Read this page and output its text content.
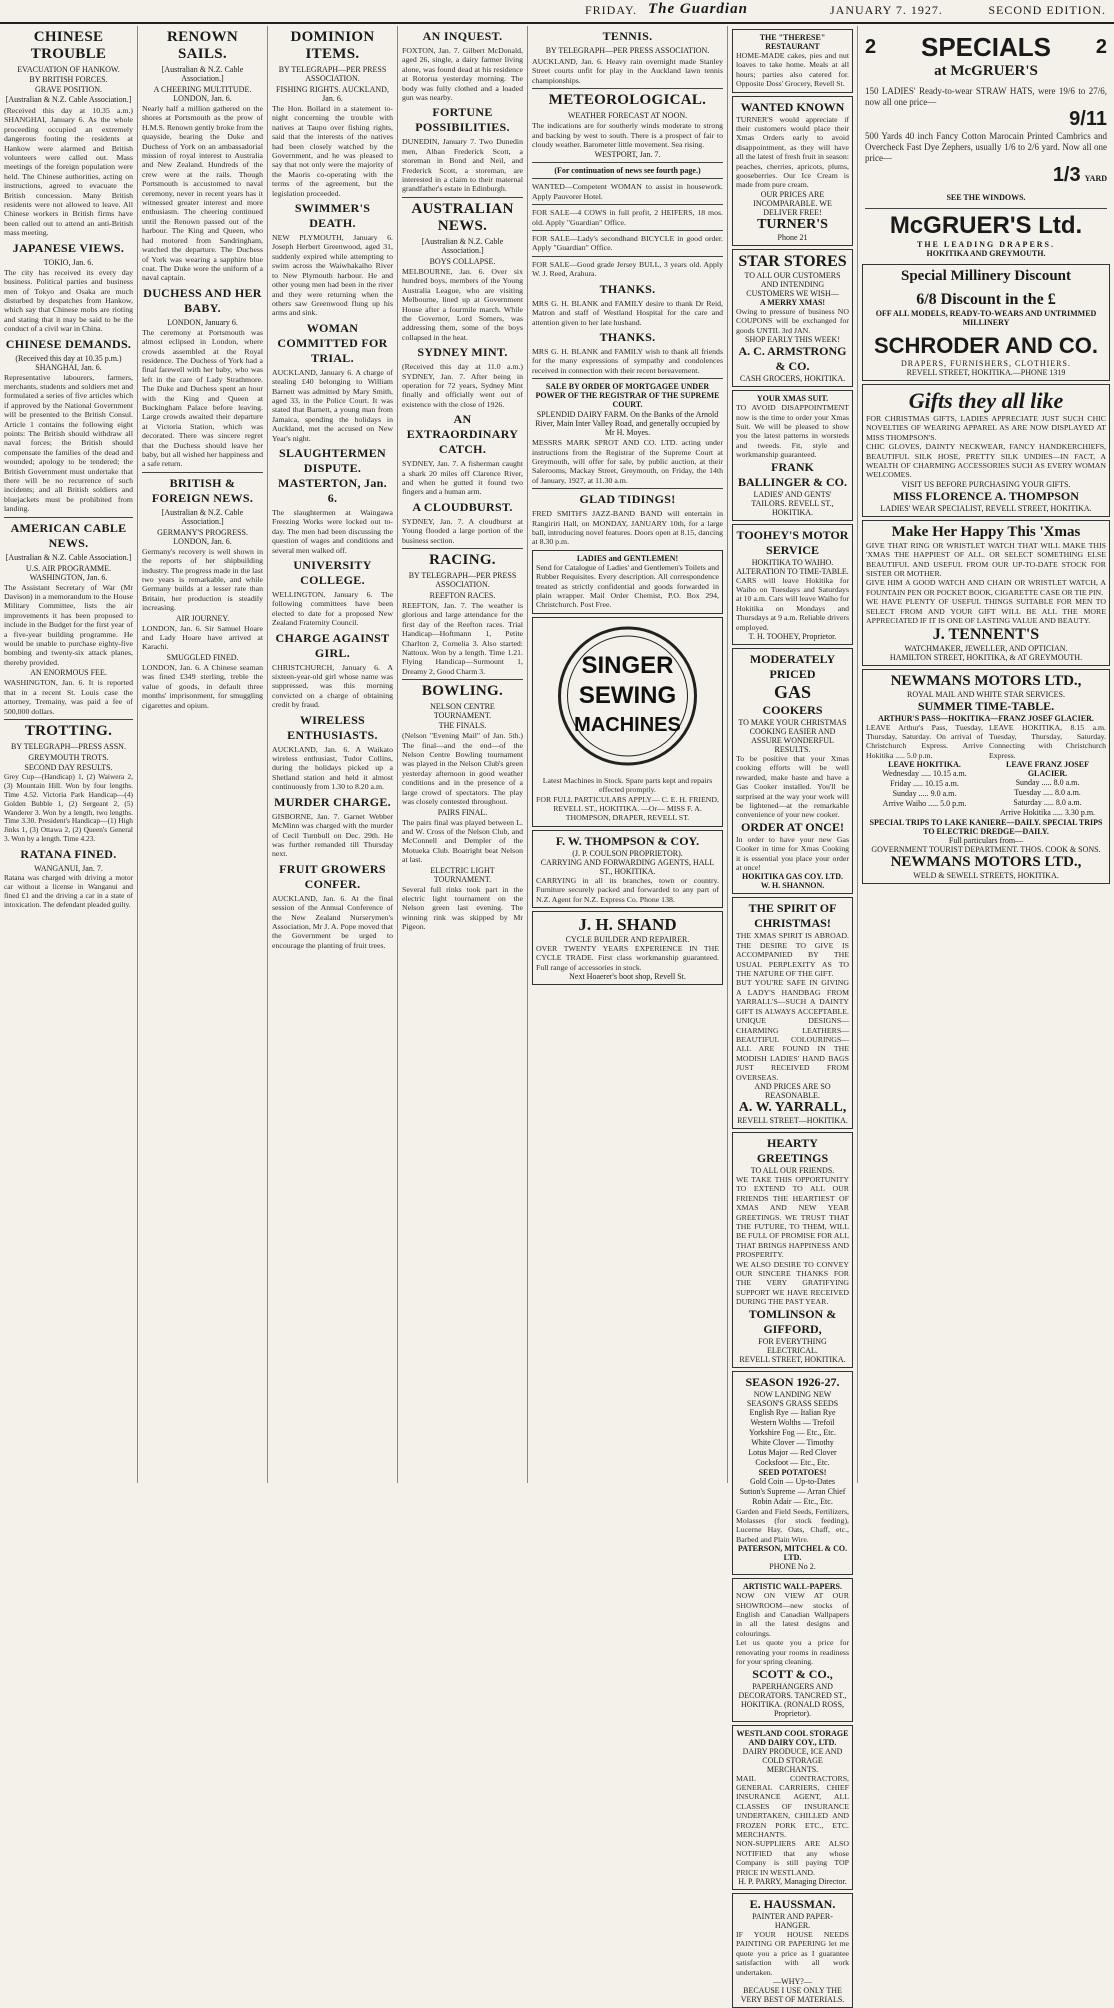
FRIDAY. The Guardian	JANUARY 7. 1927.	SECOND EDITION.
CHINESE TROUBLE
EVACUATION OF HANKOW.
BY BRITISH FORCES.
GRAVE POSITION.
[Australian & N.Z. Cable Association.]

(Received this day at 10.35 a.m.) SHANGHAI, January 6. As the whole proceeding occupied an extremely dangerous footing the residents at Hankow were alarmed and British volunteers were called out. Mass meetings of the foreign population were held. The Chinese authorities, acting on instructions, agreed to evacuate the British concession. Many British residents were not allowed to leave. All Chinese workers in British firms have been called out to attend an anti-British mass meeting.

JAPANESE VIEWS.
TOKIO, Jan. 6.

The city has received its every day business. Political parties and business men of Tokyo and Osaka are much disturbed by despatches from Hankow, which say that Chinese mobs are rioting and stating that it may be said to be the conduct of a civil war in China.

CHINESE DEMANDS.
(Received this day at 10.35 p.m.) SHANGHAI, Jan. 6.

Representative labourers, farmers, merchants, students and soldiers met and formulated a series of five articles which if approved by the National Government will be presented to the British Consul. Article 1 contains the following eight points: The British should withdraw all naval forces; the British should compensate the families of the dead and wounded; apology to be tendered; the British Government must undertake that there will be no recurrence of such incidents; and all British soldiers and bluejackets must be prohibited from landing.

AMERICAN CABLE NEWS.
[Australian & N.Z. Cable Association.]
U.S. AIR PROGRAMME. WASHINGTON, Jan. 6.

The Assistant Secretary of War (Mr Davison) in a memorandum to the House Military Committee, lists the air improvements it has been proposed to include in the Budget for the first year of a five-year building programme. He would be unable to purchase eighty-five bombing and twenty-six attack planes, thereby provided.

AN ENORMOUS FEE.

WASHINGTON, Jan. 6. It is reported that in a recent St. Louis case the attorney, Tremainy, was paid a fee of 500,000 dollars.

TROTTING.
BY TELEGRAPH—PRESS ASSN.
GREYMOUTH TROTS.
SECOND DAY RESULTS.

Grey Cup—(Handicap) 1, (2) Waiwera 2, (3) Mountain Hill. Won by four lengths. Time 4.52. Victoria Park Handicap—(4) Golden Bubble 1, (2) Sergeant 2, (5) Wanderer 3. Won by a length, two lengths. Time 3.30. President's Handicap—(1) High Jinks 1, (3) Ottawa 2, (2) Queen's General 3. Won by a length. Time 4.23.

RATANA FINED.
WANGANUI, Jan. 7.

Ratana was charged with driving a motor car without a license in Wanganui and fined £1 and the driving a car in a state of intoxication. The defendant pleaded guilty.

RENOWN SAILS.
[Australian & N.Z. Cable Association.]
A CHEERING MULTITUDE. LONDON, Jan. 6.

Nearly half a million gathered on the shores at Portsmouth as the prow of H.M.S. Renown gently broke from the quayside, bearing the Duke and Duchess of York on an ambassadorial mission of royal interest to Australia and New Zealand. Hundreds of the crew were at the rails. Though Portsmouth is accustomed to naval ceremony, never in recent years has it witnessed greater interest and more enthusiasm. The cheering continued until the Renown passed out of the harbour. The King and Queen, who had motored from Sandringham, watched the departure. The Duchess of York was wearing a sapphire blue coat. The Duke wore the uniform of a naval captain.

DUCHESS AND HER BABY.
LONDON, January 6.

The ceremony at Portsmouth was almost eclipsed in London, where crowds assembled at the Royal residence. The Duchess of York had a final farewell with her baby, who was left in the care of Lady Strathmore. The Duke and Duchess spent an hour with the King and Queen at Buckingham Palace before leaving. Large crowds awaited their departure at Victoria Station, which was decorated. There was sincere regret that the Duchess should leave her baby, but all wished her happiness and a safe return.

BRITISH & FOREIGN NEWS.
[Australian & N.Z. Cable Association.]
GERMANY'S PROGRESS. LONDON, Jan. 6.

Germany's recovery is well shown in the reports of her shipbuilding industry. The progress made in the last two years is remarkable, and while Germany builds at a lesser rate than Britain, her production is steadily increasing.

AIR JOURNEY.

LONDON, Jan. 6. Sir Samuel Hoare and Lady Hoare have arrived at Karachi.

SMUGGLED FINED.

LONDON, Jan. 6. A Chinese seaman was fined £349 sterling, treble the value of goods, in default three months' imprisonment, for smuggling cigarettes and opium.

DOMINION ITEMS.
BY TELEGRAPH—PER PRESS ASSOCIATION.
FISHING RIGHTS. AUCKLAND, Jan. 6.

The Hon. Bollard in a statement to-night concerning the trouble with natives at Taupo over fishing rights, said that the interests of the natives had been closely watched by the Government, and he was pleased to say that not only were the majority of the Maoris co-operating with the terms of the agreement, but the legislation proceeded.

SWIMMER'S DEATH.

NEW PLYMOUTH, January 6. Joseph Herbert Greenwood, aged 31, suddenly expired while attempting to swim across the Waiwhakaiho River to New Plymouth harbour. He and other young men had been in the river and they were returning when the others saw Greenwood flung up his arms and sink.

WOMAN COMMITTED FOR TRIAL.

AUCKLAND, January 6. A charge of stealing £40 belonging to William Barnett was admitted by Mary Smith, aged 33, in the Police Court. It was stated that Barnett, a young man from Jamaica, spending the holidays in Auckland, met the accused on New Year's night.

SLAUGHTERMEN DISPUTE. MASTERTON, Jan. 6.

The slaughtermen at Waingawa Freezing Works were locked out to-day. The men had been discussing the question of wages and conditions and several men walked off.

UNIVERSITY COLLEGE.

WELLINGTON, January 6. The following committees have been elected to date for a proposed New Zealand Fraternity Council.

CHARGE AGAINST GIRL.

CHRISTCHURCH, January 6. A sixteen-year-old girl whose name was suppressed, was this morning convicted on a charge of obtaining credit by fraud.

WIRELESS ENTHUSIASTS.

AUCKLAND, Jan. 6. A Waikato wireless enthusiast, Tudor Collins, during the holidays picked up a Shetland station and held it almost continuously from 1.30 to 8.20 a.m.

MURDER CHARGE.

GISBORNE, Jan. 7. Garnet Webber McMinn was charged with the murder of Cecil Turnbull on Dec. 29th. He was further remanded till Thursday next.

FRUIT GROWERS CONFER.

AUCKLAND, Jan. 6. At the final session of the Annual Conference of the New Zealand Nurserymen's Association, Mr J. A. Pope moved that the Government be urged to encourage the planting of fruit trees.

AN INQUEST.

FOXTON, Jan. 7. Gilbert McDonald, aged 26, single, a dairy farmer living alone, was found dead at his residence at Rotorua yesterday morning. The body was fully clothed and a loaded gun was nearby.

FORTUNE POSSIBILITIES.

DUNEDIN, January 7. Two Dunedin men, Alban Frederick Scott, a storeman in Bond and Neil, and Frederick Scott, a storeman, are interested in a claim to their maternal grandfather's estate in Edinburgh.

AUSTRALIAN NEWS.
[Australian & N.Z. Cable Association.]
BOYS COLLAPSE.

MELBOURNE, Jan. 6. Over six hundred boys, members of the Young Australia League, who are visiting Melbourne, lined up at Government House after a fourmile march. While the Governor, Lord Somers, was addressing them, some of the boys collapsed in the heat.

SYDNEY MINT.

(Received this day at 11.0 a.m.) SYDNEY, Jan. 7. After being in operation for 72 years, Sydney Mint finally and officially went out of existence with the close of 1926.

AN EXTRAORDINARY CATCH.

SYDNEY, Jan. 7. A fisherman caught a shark 20 miles off Clarence River, and when he gutted it found two fingers and a human arm.

A CLOUDBURST.

SYDNEY, Jan. 7. A cloudburst at Young flooded a large portion of the business section.

RACING.
BY TELEGRAPH—PER PRESS ASSOCIATION.
REEFTON RACES.

REEFTON, Jan. 7. The weather is glorious and large attendance for the first day of the Reefton races. Trial Handicap—Hoftmann 1, Petite Charlton 2, Cornelia 3. Also started: Nattoux. Won by a length. Time 1.21. Flying Handicap—Surmount 1, Dreamy 2, Good Charm 3.

BOWLING.
NELSON CENTRE TOURNAMENT.
THE FINALS.

(Nelson "Evening Mail" of Jan. 5th.) The final—and the end—of the Nelson Centre Bowling tournament was played in the Nelson Club's green yesterday afternoon in good weather conditions and in the presence of a large crowd of spectators. The play was closely contested throughout.

PAIRS FINAL.

The pairs final was played between L. and W. Cross of the Nelson Club, and McConnell and Dempler of the Motueka Club. Boatright beat Nelson at last.

ELECTRIC LIGHT TOURNAMENT.

Several full rinks took part in the electric light tournament on the Nelson green last evening. The winning rink was skipped by Mr Pigeon.

TENNIS.
BY TELEGRAPH—PER PRESS ASSOCIATION.

AUCKLAND, Jan. 6. Heavy rain overnight made Stanley Street courts unfit for play in the Auckland lawn tennis championships.

METEOROLOGICAL.
WEATHER FORECAST AT NOON.

The indications are for southerly winds moderate to strong and backing by west to south. There is a prospect of fair to cloudy weather. Barometer little movement. Sea rising.

WESTPORT, Jan. 7.
(For continuation of news see fourth page.)

WANTED—Competent WOMAN to assist in housework. Apply Pauvorer Hotel.

FOR SALE—4 COWS in full profit, 2 HEIFERS, 18 mos. old. Apply "Guardian" Office.

FOR SALE—Lady's secondhand BICYCLE in good order. Apply "Guardian" Office.

FOR SALE—Good grade Jersey BULL, 3 years old. Apply W. J. Reed, Arahura.

THANKS.

MRS G. H. BLANK and FAMILY desire to thank Dr Reid, Matron and staff of Westland Hospital for the care and attention given to her late husband.

THANKS.

MRS G. H. BLANK and FAMILY wish to thank all friends for the many expressions of sympathy and condolences received in connection with their recent bereavement.

SALE BY ORDER OF MORTGAGEE UNDER POWER OF THE REGISTRAR OF THE SUPREME COURT.
SPLENDID DAIRY FARM. On the Banks of the Arnold River, Main Inter Valley Road, and generally occupied by Mr H. Moyes.

MESSRS MARK SPROT AND CO. LTD. acting under instructions from the Registrar of the Supreme Court at Greymouth, will offer for sale, by public auction, at their Salerooms, Mackay Street, Greymouth, on Friday, the 14th of January, 1927, at 11.30 a.m.

GLAD TIDINGS!

FRED SMITH'S JAZZ-BAND BAND will entertain in Rangiriri Hall, on MONDAY, JANUARY 10th, for a large ball, introducing novel features. Doors open at 8.15, dancing at 8.30 p.m.

LADIES and GENTLEMEN!

Send for Catalogue of Ladies' and Gentlemen's Toilets and Rubber Requisites. Every description. All correspondence treated as strictly confidential and goods forwarded in plain wrapper. Mail Order Chemist, P.O. Box 294, Christchurch. Post Free.

SINGER
SEWING
MACHINES

Latest Machines in Stock. Spare parts kept and repairs effected promptly.

FOR FULL PARTICULARS APPLY— C. E. H. FRIEND, REVELL ST., HOKITIKA. —Or— MISS F. A. THOMPSON, DRAPER, REVELL ST.

F. W. THOMPSON & COY.
(J. P. COULSON PROPRIETOR).
CARRYING AND FORWARDING AGENTS, HALL ST., HOKITIKA.

CARRYING in all its branches, town or country. Furniture securely packed and forwarded to any part of N.Z. Agent for N.Z. Express Co. Phone 138.

J. H. SHAND
CYCLE BUILDER AND REPAIRER.

OVER TWENTY YEARS EXPERIENCE IN THE CYCLE TRADE. First class workmanship guaranteed. Full range of accessories in stock.

Next Hoaerer's boot shop, Revell St.
THE "THERESE" RESTAURANT

HOME-MADE cakes, pies and nut loaves to take home. Meals at all hours; parties also catered for. Opposite Doss' Grocery, Revell St.

WANTED KNOWN

TURNER'S would appreciate if their customers would place their Xmas Orders early to avoid disappointment, as they will have all the latest of fresh fruit in season: peaches, cherries, apricots, plums, gooseberries. Our Ice Cream is made from pure cream.

OUR PRICES ARE INCOMPARABLE. WE DELIVER FREE!
TURNER'S
Phone 21
STAR STORES
TO ALL OUR CUSTOMERS AND INTENDING CUSTOMERS WE WISH—
A MERRY XMAS!

Owing to pressure of business NO COUPONS will be exchanged for goods UNTIL 3rd JAN.

SHOP EARLY THIS WEEK!
A. C. ARMSTRONG & CO.
CASH GROCERS, HOKITIKA.
YOUR XMAS SUIT.

TO AVOID DISAPPOINTMENT now is the time to order your Xmas Suit. We will be pleased to show you the latest patterns in worsteds and tweeds. Fit, style and workmanship guaranteed.

FRANK BALLINGER & CO.
LADIES' AND GENTS' TAILORS. REVELL ST., HOKITIKA.
TOOHEY'S MOTOR SERVICE
HOKITIKA TO WAIHO.
ALTERATION TO TIME-TABLE.

CARS will leave Hokitika for Waiho on Tuesdays and Saturdays at 10 a.m. Cars will leave Waiho for Hokitika on Mondays and Thursdays at 9 a.m. Reliable drivers employed.

T. H. TOOHEY, Proprietor.
MODERATELY PRICED
GAS
COOKERS
TO MAKE YOUR CHRISTMAS COOKING EASIER AND ASSURE WONDERFUL RESULTS.

To be positive that your Xmas cooking efforts will be well rewarded, make haste and have a Gas Cooker installed. You'll be surprised at the way your work will be lightened—at the remarkable convenience of your new cooker.

ORDER AT ONCE!

In order to have your new Gas Cooker in time for Xmas Cooking it is essential you place your order at once!

HOKITIKA GAS COY. LTD.
W. H. SHANNON.
THE SPIRIT OF
CHRISTMAS!

THE XMAS SPIRIT IS ABROAD. THE DESIRE TO GIVE IS ACCOMPANIED BY THE USUAL PERPLEXITY AS TO THE NATURE OF THE GIFT.

BUT YOU'RE SAFE IN GIVING A LADY'S HANDBAG FROM YARRALL'S—SUCH A DAINTY GIFT IS ALWAYS ACCEPTABLE. UNIQUE DESIGNS—CHARMING LEATHERS—BEAUTIFUL COLOURINGS—ALL ARE FOUND IN THE MODISH LADIES' HAND BAGS JUST RECEIVED FROM OVERSEAS.

AND PRICES ARE SO REASONABLE.
A. W. YARRALL,
REVELL STREET—HOKITIKA.
HEARTY GREETINGS
TO ALL OUR FRIENDS.

WE TAKE THIS OPPORTUNITY TO EXTEND TO ALL OUR FRIENDS THE HEARTIEST OF XMAS AND NEW YEAR GREETINGS. WE TRUST THAT THE FUTURE, TO THEM, WILL BE FULL OF PROMISE FOR ALL THAT BRINGS HAPPINESS AND PROSPERITY.

WE ALSO DESIRE TO CONVEY OUR SINCERE THANKS FOR THE VERY GRATIFYING SUPPORT WE HAVE RECEIVED DURING THE PAST YEAR.

TOMLINSON & GIFFORD,
FOR EVERYTHING ELECTRICAL.
REVELL STREET, HOKITIKA.
SEASON 1926-27.
NOW LANDING NEW SEASON'S GRASS SEEDS
English Rye — Italian Rye
Western Wolths — Trefoil
Yorkshire Fog — Etc., Etc.
White Clover — Timothy
Lotus Major — Red Clover
Cocksfoot — Etc., Etc.
SEED POTATOES!
Gold Coin — Up-to-Dates
Sutton's Supreme — Arran Chief
Robin Adair — Etc., Etc.

Garden and Field Seeds, Fertilizers, Molasses (for stock feeding), Lucerne Hay, Oats, Chaff, etc., Barbed and Plain Wire.

PATERSON, MITCHEL & CO. LTD.
PHONE No 2.
ARTISTIC WALL-PAPERS.

NOW ON VIEW AT OUR SHOWROOM—new stocks of English and Canadian Wallpapers in all the latest designs and colourings.

Let us quote you a price for renovating your rooms in readiness for your spring cleaning.

SCOTT & CO.,
PAPERHANGERS AND DECORATORS. TANCRED ST., HOKITIKA. (RONALD ROSS, Proprietor).
WESTLAND COOL STORAGE AND DAIRY COY., LTD.
DAIRY PRODUCE, ICE AND COLD STORAGE MERCHANTS.

MAIL CONTRACTORS, GENERAL CARRIERS, CHIEF INSURANCE AGENT, ALL CLASSES OF INSURANCE UNDERTAKEN, CHILLED AND FROZEN PORK ETC., ETC. MERCHANTS.

NON-SUPPLIERS ARE ALSO NOTIFIED that any whose Company is still paying TOP PRICE IN WESTLAND.

H. P. PARRY, Managing Director.
E. HAUSSMAN.
PAINTER AND PAPER-HANGER.

IF YOUR HOUSE NEEDS PAINTING OR PAPERING let me quote you a price as I guarantee satisfaction with all work undertaken.

—WHY?—
BECAUSE I USE ONLY THE VERY BEST OF MATERIALS.
2 SPECIALS 2
at McGRUER'S

150 LADIES' Ready-to-wear STRAW HATS, were 19/6 to 27/6, now all one price—

9/11

500 Yards 40 inch Fancy Cotton Marocain Printed Cambrics and Overcheck Fast Dye Zephers, usually 1/6 to 2/6 yard. Now all one price—

1/3 YARD
SEE THE WINDOWS.
McGRUER'S Ltd.
THE LEADING DRAPERS.
HOKITIKA AND GREYMOUTH.
Special Millinery Discount
6/8 Discount in the £
OFF ALL MODELS, READY-TO-WEARS AND UNTRIMMED MILLINERY
SCHRODER AND CO.
DRAPERS, FURNISHERS, CLOTHIERS.
REVELL STREET, HOKITIKA.—PHONE 1319
Gifts they all like

FOR CHRISTMAS GIFTS, LADIES APPRECIATE JUST SUCH CHIC NOVELTIES OF WEARING APPAREL AS ARE NOW DISPLAYED AT MISS THOMPSON'S.

CHIC GLOVES, DAINTY NECKWEAR, FANCY HANDKERCHIEFS, BEAUTIFUL SILK HOSE, PRETTY SILK UNDIES—IN FACT, A WEALTH OF CHARMING ACCESSORIES SUCH AS EVERY WOMAN WELCOMES.

VISIT US BEFORE PURCHASING YOUR GIFTS.
MISS FLORENCE A. THOMPSON
LADIES' WEAR SPECIALIST, REVELL STREET, HOKITIKA.
Make Her Happy This 'Xmas

GIVE THAT RING OR WRISTLET WATCH THAT WILL MAKE THIS 'XMAS THE HAPPIEST OF ALL. OR SELECT SOMETHING ELSE BEAUTIFUL AND USEFUL FROM OUR UP-TO-DATE STOCK FOR SISTER OR MOTHER.

GIVE HIM A GOOD WATCH AND CHAIN OR WRISTLET WATCH, A FOUNTAIN PEN OR POCKET BOOK, CIGARETTE CASE OR TIE PIN.

WE HAVE PLENTY OF USEFUL THINGS SUITABLE FOR MEN TO SELECT FROM AND YOUR GIFT WILL BE ALL THE MORE APPRECIATED IF IT IS ONE OF LASTING VALUE AND BEAUTY.

J. TENNENT'S
WATCHMAKER, JEWELLER, AND OPTICIAN.
HAMILTON STREET, HOKITIKA, & AT GREYMOUTH.
NEWMANS MOTORS LTD.,
ROYAL MAIL AND WHITE STAR SERVICES.
SUMMER TIME-TABLE.
ARTHUR'S PASS—HOKITIKA—FRANZ JOSEF GLACIER.

LEAVE Arthur's Pass, Tuesday, Thursday, Saturday. On arrival of Christchurch Express. Arrive Hokitika ..... 5.0 p.m.

LEAVE HOKITIKA, 8.15 a.m. Tuesday, Thursday, Saturday. Connecting with Christchurch Express.

LEAVE HOKITIKA.
Wednesday ..... 10.15 a.m.
Friday ..... 10.15 a.m.
Sunday ..... 9.0 a.m.
Arrive Waiho ..... 5.0 p.m.
LEAVE FRANZ JOSEF GLACIER.
Sunday ..... 8.0 a.m.
Tuesday ..... 8.0 a.m.
Saturday ..... 8.0 a.m.
Arrive Hokitika ..... 3.30 p.m.
SPECIAL TRIPS TO LAKE KANIERE—DAILY. SPECIAL TRIPS TO ELECTRIC DREDGE—DAILY.
Full particulars from—
GOVERNMENT TOURIST DEPARTMENT. THOS. COOK & SONS.
NEWMANS MOTORS LTD.,
WELD & SEWELL STREETS, HOKITIKA.
